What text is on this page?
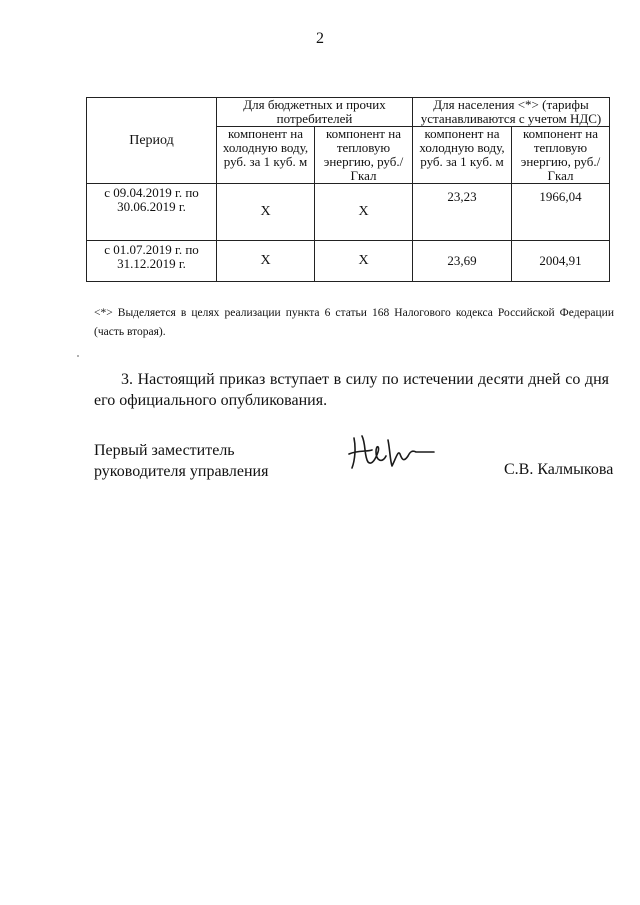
2
Период	Для бюджетных и прочих потребителей		Для населения <*> (тарифы устанавливаются с учетом НДС)	
	компонент на холодную воду, руб. за 1 куб. м	компонент на тепловую энергию, руб./Гкал	компонент на холодную воду, руб. за 1 куб. м	компонент на тепловую энергию, руб./Гкал
с 09.04.2019 г. по 30.06.2019 г.	X	X	23,23	1966,04
с 01.07.2019 г. по 31.12.2019 г.	X	X	23,69	2004,91
<*> Выделяется в целях реализации пункта 6 статьи 168 Налогового кодекса Российской Федерации (часть вторая).
3. Настоящий приказ вступает в силу по истечении десяти дней со дня его официального опубликования.
Первый заместитель
руководителя управления	С.В. Калмыкова
